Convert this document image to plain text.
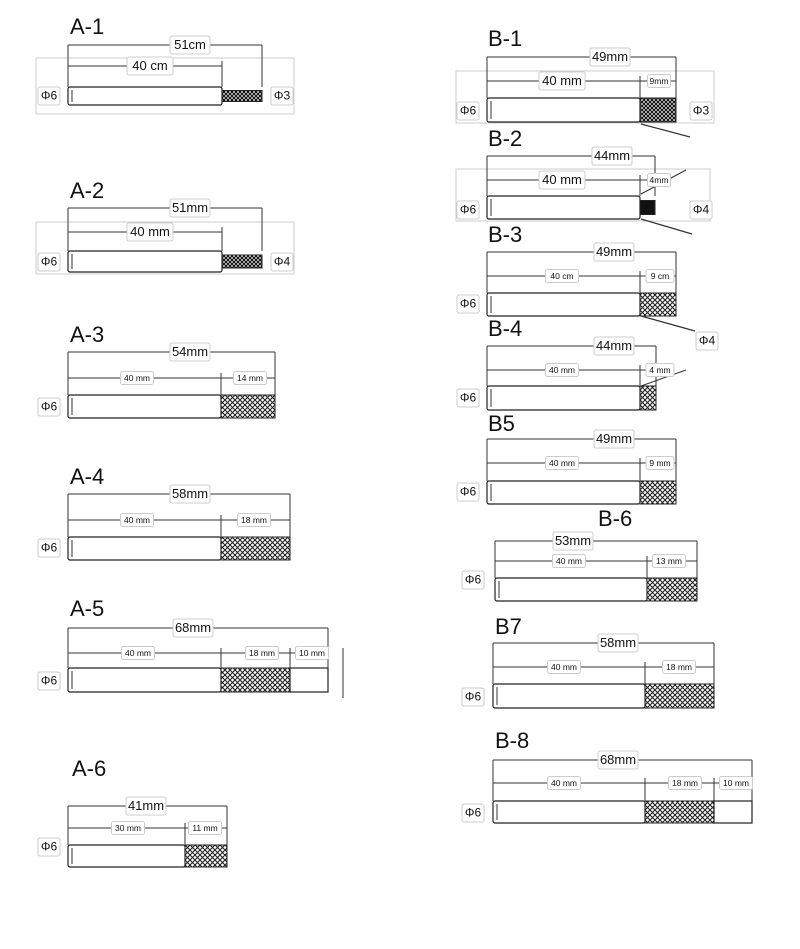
A-1
51cm
40 cm
Φ6	Φ3
A-2
51mm
40 mm
Φ6	Φ4
A-3
54mm
40 mm	14 mm
Φ6
A-4
58mm
40 mm	18 mm
Φ6
A-5
68mm
40 mm	18 mm	10 mm
Φ6
A-6
41mm
30 mm	11 mm
Φ6
B-1
49mm
40 mm	9mm
Φ6	Φ3
B-2
44mm
40 mm	4mm
Φ6	Φ4
B-3
49mm
40 cm	9 cm
Φ6
Φ4
B-4
44mm
40 mm	4 mm
Φ6
B5
49mm
40 mm	9 mm
Φ6
B-6
53mm
40 mm	13 mm
Φ6
B7
58mm
40 mm	18 mm
Φ6
B-8
68mm
40 mm	18 mm	10 mm
Φ6
